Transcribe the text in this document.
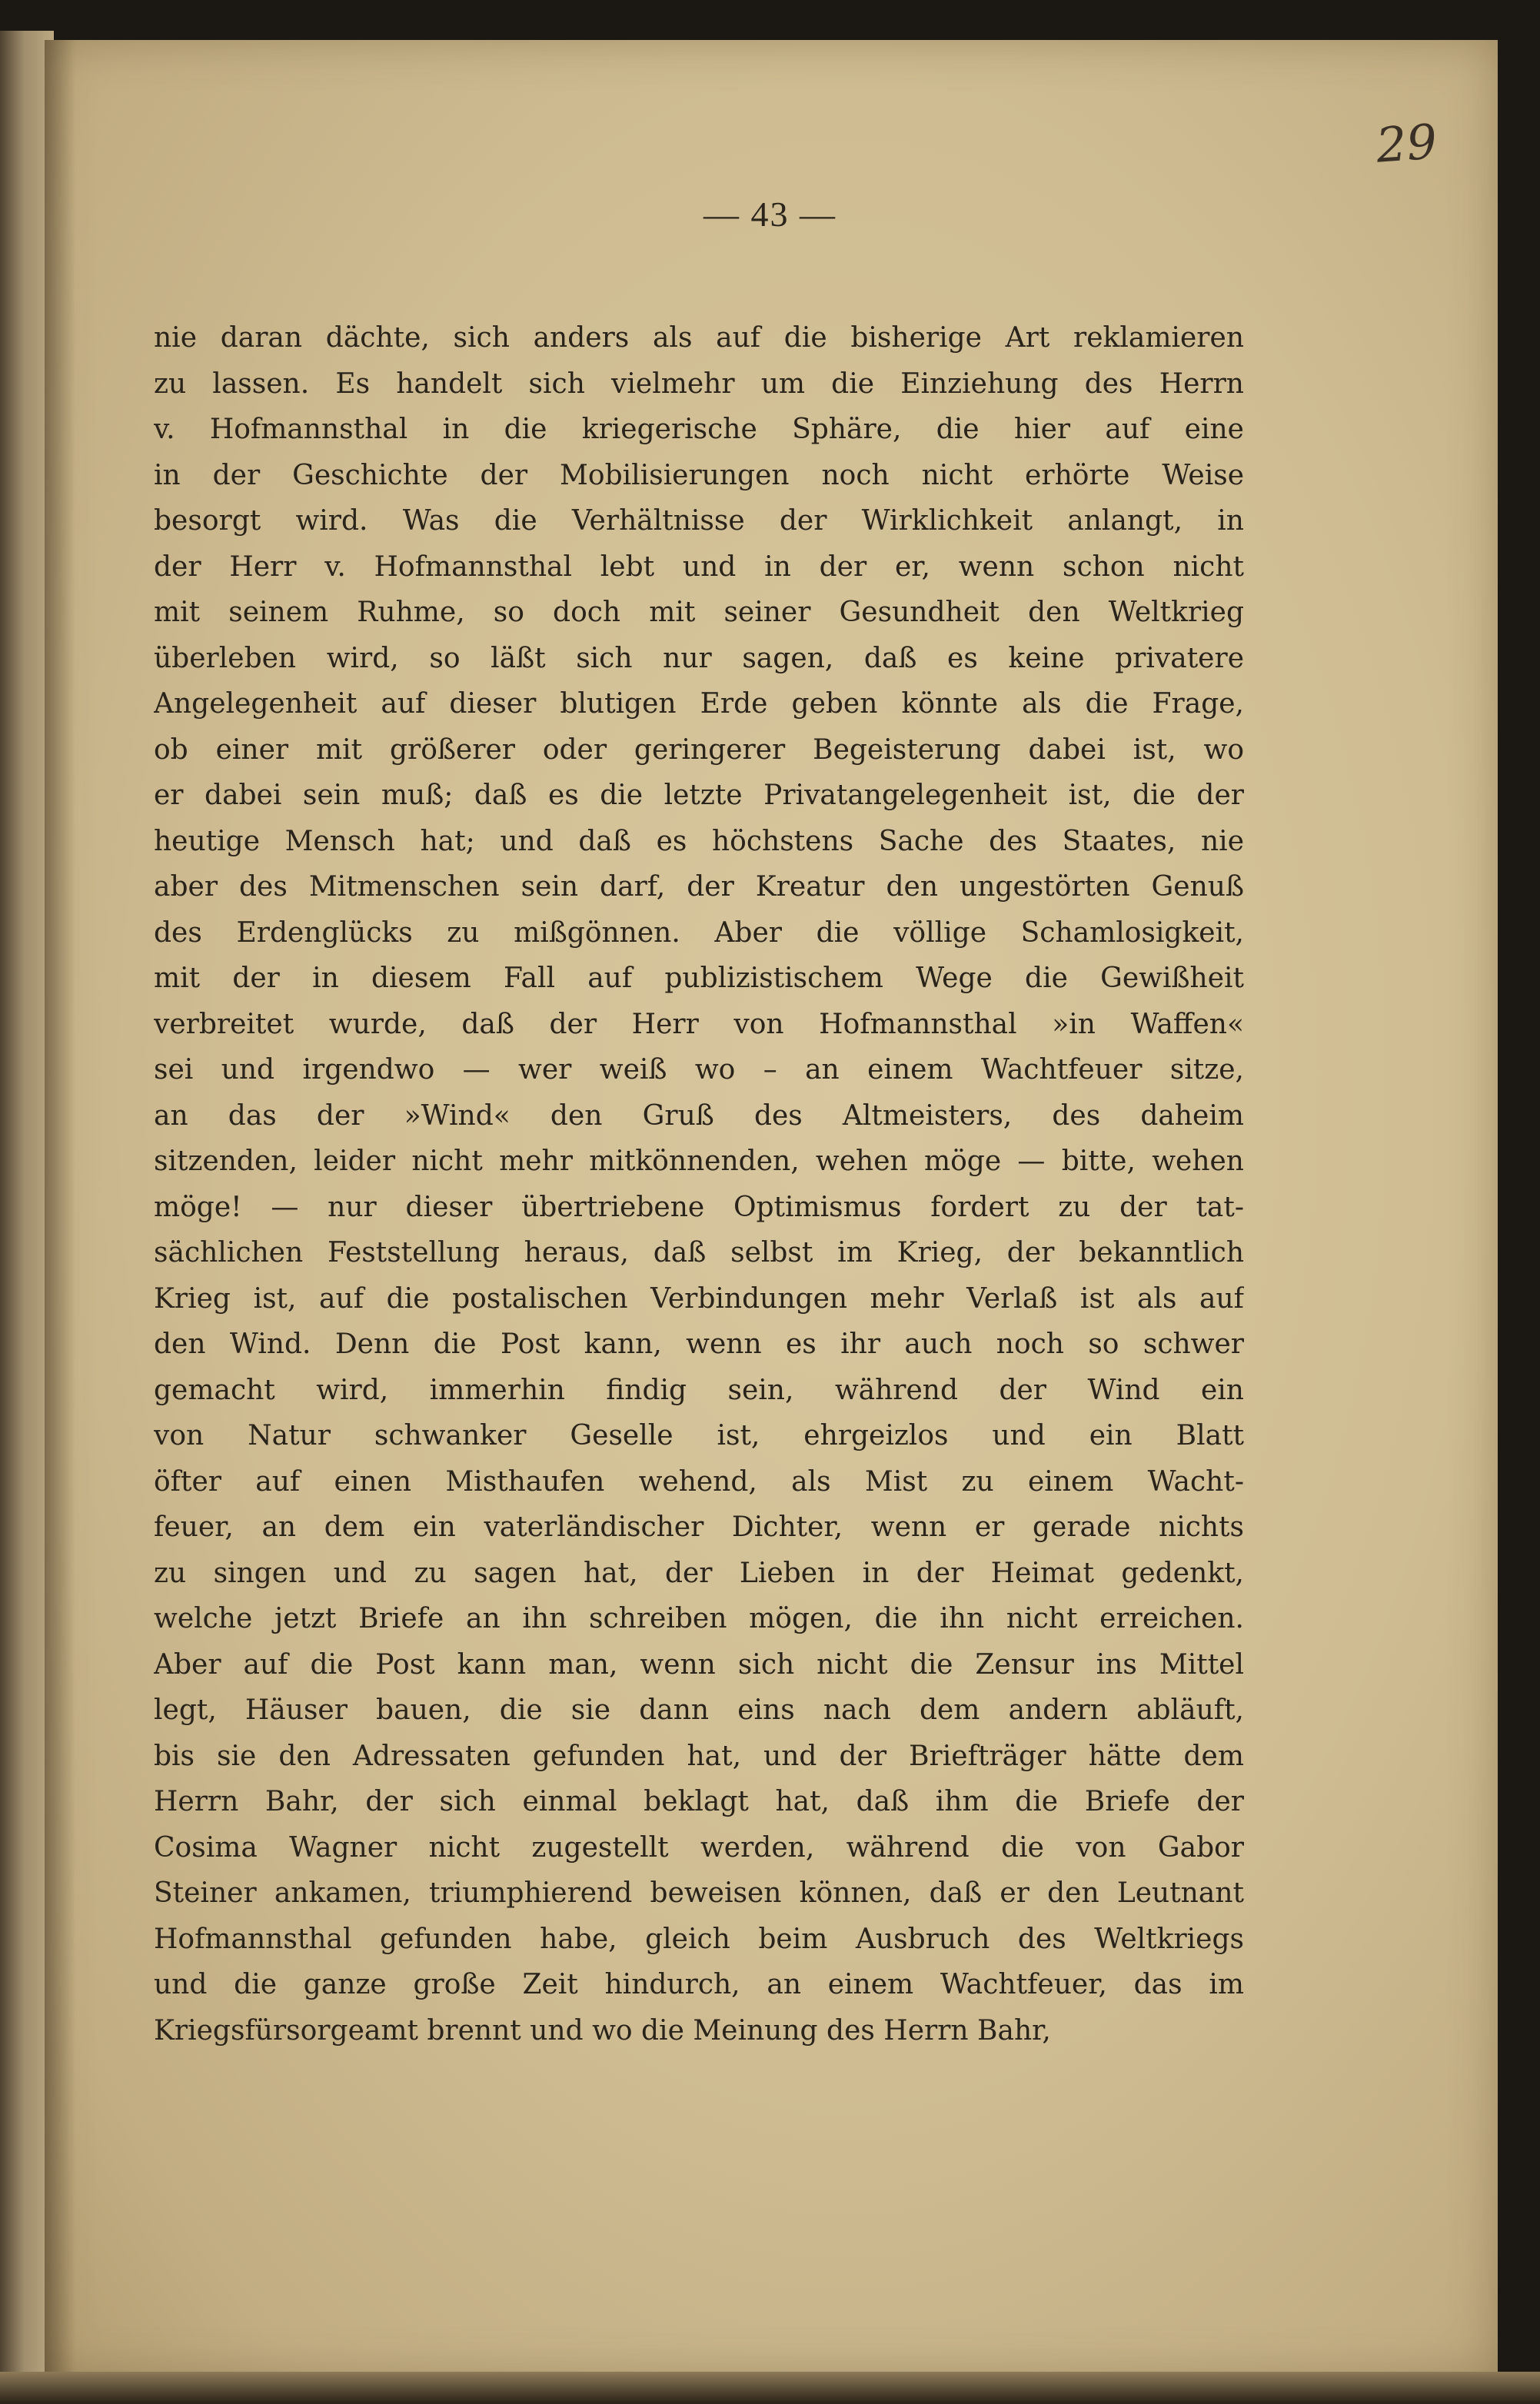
29
— 43 —
nie daran dächte, sich anders als auf die bisherige Art reklamieren
zu lassen. Es handelt sich vielmehr um die Einziehung des Herrn
v. Hofmannsthal in die kriegerische Sphäre, die hier auf eine
in der Geschichte der Mobilisierungen noch nicht erhörte Weise
besorgt wird. Was die Verhältnisse der Wirklichkeit anlangt, in
der Herr v. Hofmannsthal lebt und in der er, wenn schon nicht
mit seinem Ruhme, so doch mit seiner Gesundheit den Weltkrieg
überleben wird, so läßt sich nur sagen, daß es keine privatere
Angelegenheit auf dieser blutigen Erde geben könnte als die Frage,
ob einer mit größerer oder geringerer Begeisterung dabei ist, wo
er dabei sein muß; daß es die letzte Privatangelegenheit ist, die der
heutige Mensch hat; und daß es höchstens Sache des Staates, nie
aber des Mitmenschen sein darf, der Kreatur den ungestörten Genuß
des Erdenglücks zu mißgönnen. Aber die völlige Schamlosigkeit,
mit der in diesem Fall auf publizistischem Wege die Gewißheit
verbreitet wurde, daß der Herr von Hofmannsthal »in Waffen«
sei und irgendwo — wer weiß wo – an einem Wachtfeuer sitze,
an das der »Wind« den Gruß des Altmeisters, des daheim
sitzenden, leider nicht mehr mitkönnenden, wehen möge — bitte, wehen
möge! — nur dieser übertriebene Optimismus fordert zu der tat-
sächlichen Feststellung heraus, daß selbst im Krieg, der bekanntlich
Krieg ist, auf die postalischen Verbindungen mehr Verlaß ist als auf
den Wind. Denn die Post kann, wenn es ihr auch noch so schwer
gemacht wird, immerhin findig sein, während der Wind ein
von Natur schwanker Geselle ist, ehrgeizlos und ein Blatt
öfter auf einen Misthaufen wehend, als Mist zu einem Wacht-
feuer, an dem ein vaterländischer Dichter, wenn er gerade nichts
zu singen und zu sagen hat, der Lieben in der Heimat gedenkt,
welche jetzt Briefe an ihn schreiben mögen, die ihn nicht erreichen.
Aber auf die Post kann man, wenn sich nicht die Zensur ins Mittel
legt, Häuser bauen, die sie dann eins nach dem andern abläuft,
bis sie den Adressaten gefunden hat, und der Briefträger hätte dem
Herrn Bahr, der sich einmal beklagt hat, daß ihm die Briefe der
Cosima Wagner nicht zugestellt werden, während die von Gabor
Steiner ankamen, triumphierend beweisen können, daß er den Leutnant
Hofmannsthal gefunden habe, gleich beim Ausbruch des Weltkriegs
und die ganze große Zeit hindurch, an einem Wachtfeuer, das im
Kriegsfürsorgeamt brennt und wo die Meinung des Herrn Bahr,
